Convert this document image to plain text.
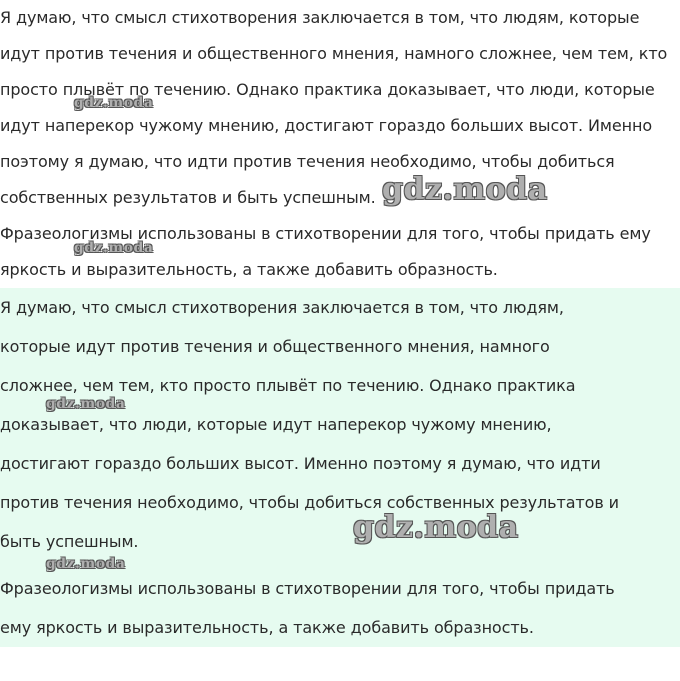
Я думаю, что смысл стихотворения заключается в том, что людям, которые
идут против течения и общественного мнения, намного сложнее, чем тем, кто
просто плывёт по течению. Однако практика доказывает, что люди, которые
идут наперекор чужому мнению, достигают гораздо больших высот. Именно
поэтому я думаю, что идти против течения необходимо, чтобы добиться
собственных результатов и быть успешным.

Фразеологизмы использованы в стихотворении для того, чтобы придать ему
яркость и выразительность, а также добавить образность.

gdz.moda
gdz.moda
gdz.moda

Я думаю, что смысл стихотворения заключается в том, что людям,
которые идут против течения и общественного мнения, намного
сложнее, чем тем, кто просто плывёт по течению. Однако практика
доказывает, что люди, которые идут наперекор чужому мнению,
достигают гораздо больших высот. Именно поэтому я думаю, что идти
против течения необходимо, чтобы добиться собственных результатов и
быть успешным.

Фразеологизмы использованы в стихотворении для того, чтобы придать
ему яркость и выразительность, а также добавить образность.

gdz.moda
gdz.moda
gdz.moda
